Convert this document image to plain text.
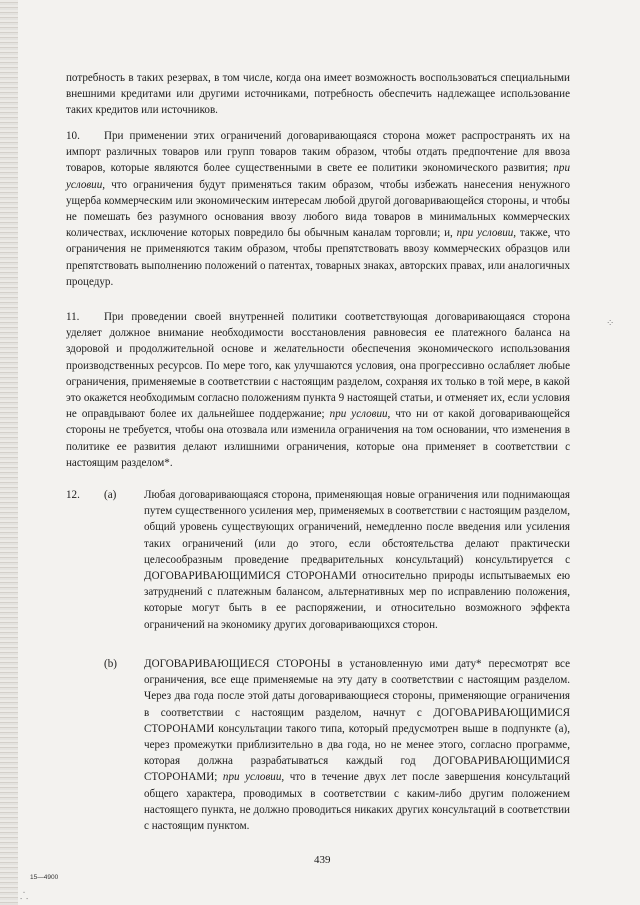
потребность в таких резервах, в том числе, когда она имеет возможность воспользоваться специальными внешними кредитами или другими источниками, потребность обеспечить надлежащее использование таких кредитов или источников.

10.	При применении этих ограничений договаривающаяся сторона может распространять их на импорт различных товаров или групп товаров таким образом, чтобы отдать предпочтение для ввоза товаров, которые являются более существенными в свете ее политики экономического развития; при условии, что ограничения будут применяться таким образом, чтобы избежать нанесения ненужного ущерба коммерческим или экономическим интересам любой другой договаривающейся стороны, и чтобы не помешать без разумного основания ввозу любого вида товаров в минимальных коммерческих количествах, исключение которых повредило бы обычным каналам торговли; и, при условии, также, что ограничения не применяются таким образом, чтобы препятствовать ввозу коммерческих образцов или препятствовать выполнению положений о патентах, товарных знаках, авторских правах, или аналогичных процедур.

11.	При проведении своей внутренней политики соответствующая договаривающаяся сторона уделяет должное внимание необходимости восстановления равновесия ее платежного баланса на здоровой и продолжительной основе и желательности обеспечения экономического использования производственных ресурсов. По мере того, как улучшаются условия, она прогрессивно ослабляет любые ограничения, применяемые в соответствии с настоящим разделом, сохраняя их только в той мере, в какой это окажется необходимым согласно положениям пункта 9 настоящей статьи, и отменяет их, если условия не оправдывают более их дальнейшее поддержание; при условии, что ни от какой договаривающейся стороны не требуется, чтобы она отозвала или изменила ограничения на том основании, что изменения в политике ее развития делают излишними ограничения, которые она применяет в соответствии с настоящим разделом*.

12. (a) Любая договаривающаяся сторона, применяющая новые ограничения или поднимающая путем существенного усиления мер, применяемых в соответствии с настоящим разделом, общий уровень существующих ограничений, немедленно после введения или усиления таких ограничений (или до этого, если обстоятельства делают практически целесообразным проведение предварительных консультаций) консультируется с ДОГОВАРИВАЮЩИМИСЯ СТОРОНАМИ относительно природы испытываемых ею затруднений с платежным балансом, альтернативных мер по исправлению положения, которые могут быть в ее распоряжении, и относительно возможного эффекта ограничений на экономику других договаривающихся сторон.

(b) ДОГОВАРИВАЮЩИЕСЯ СТОРОНЫ в установленную ими дату* пересмотрят все ограничения, все еще применяемые на эту дату в соответствии с настоящим разделом. Через два года после этой даты договаривающиеся стороны, применяющие ограничения в соответствии с настоящим разделом, начнут с ДОГОВАРИВАЮЩИМИСЯ СТОРОНАМИ консультации такого типа, который предусмотрен выше в подпункте (a), через промежутки приблизительно в два года, но не менее этого, согласно программе, которая должна разрабатываться каждый год ДОГОВАРИВАЮЩИМИСЯ СТОРОНАМИ; при условии, что в течение двух лет после завершения консультаций общего характера, проводимых в соответствии с каким-либо другим положением настоящего пункта, не должно проводиться никаких других консультаций в соответствии с настоящим пунктом.

439
15—4900
⁘
⸫
